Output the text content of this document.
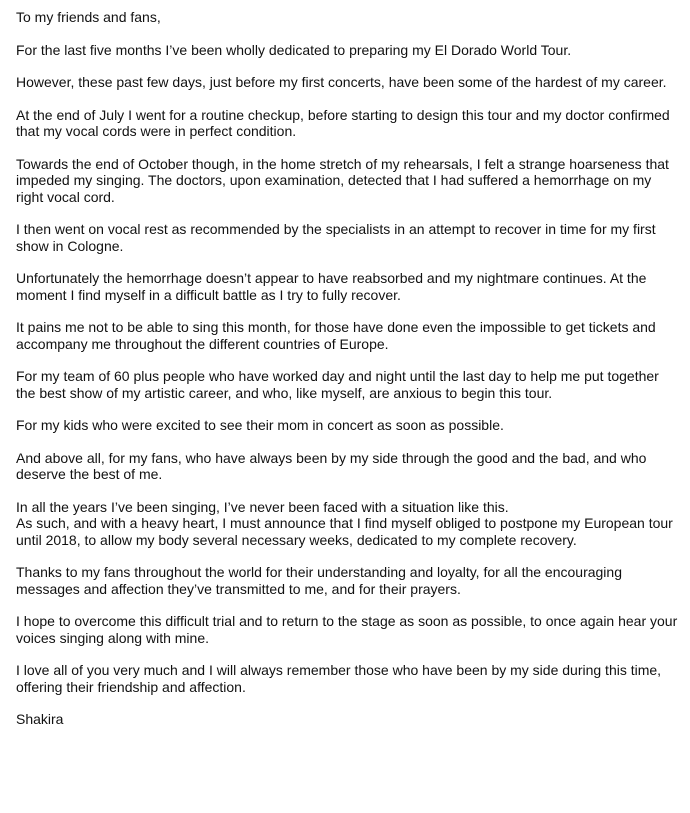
To my friends and fans,

For the last five months I’ve been wholly dedicated to preparing my El Dorado World Tour.

However, these past few days, just before my first concerts, have been some of the hardest of my career.

At the end of July I went for a routine checkup, before starting to design this tour and my doctor confirmed that my vocal cords were in perfect condition.

Towards the end of October though, in the home stretch of my rehearsals, I felt a strange hoarseness that impeded my singing. The doctors, upon examination, detected that I had suffered a hemorrhage on my right vocal cord.

I then went on vocal rest as recommended by the specialists in an attempt to recover in time for my first show in Cologne.

Unfortunately the hemorrhage doesn’t appear to have reabsorbed and my nightmare continues. At the moment I find myself in a difficult battle as I try to fully recover.

It pains me not to be able to sing this month, for those have done even the impossible to get tickets and accompany me throughout the different countries of Europe.

For my team of 60 plus people who have worked day and night until the last day to help me put together the best show of my artistic career, and who, like myself, are anxious to begin this tour.

For my kids who were excited to see their mom in concert as soon as possible.

And above all, for my fans, who have always been by my side through the good and the bad, and who deserve the best of me.

In all the years I’ve been singing, I’ve never been faced with a situation like this.
As such, and with a heavy heart, I must announce that I find myself obliged to postpone my European tour until 2018, to allow my body several necessary weeks, dedicated to my complete recovery.

Thanks to my fans throughout the world for their understanding and loyalty, for all the encouraging messages and affection they’ve transmitted to me, and for their prayers.

I hope to overcome this difficult trial and to return to the stage as soon as possible, to once again hear your voices singing along with mine.

I love all of you very much and I will always remember those who have been by my side during this time, offering their friendship and affection.

Shakira
